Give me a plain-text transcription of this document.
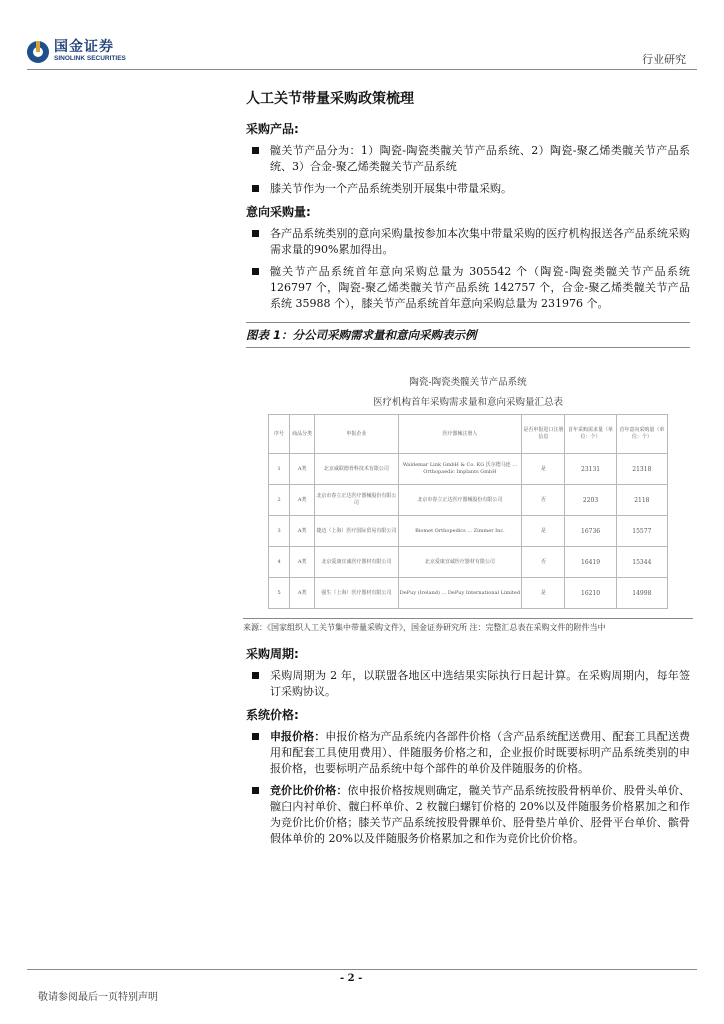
国金证券
SINOLINK SECURITIES	行业研究
人工关节带量采购政策梳理
采购产品:
髋关节产品分为：1）陶瓷-陶瓷类髋关节产品系统、2）陶瓷-聚乙烯类髋关节产品系统、3）合金-聚乙烯类髋关节产品系统
膝关节作为一个产品系统类别开展集中带量采购。
意向采购量:
各产品系统类别的意向采购量按参加本次集中带量采购的医疗机构报送各产品系统采购需求量的90%累加得出。
髋关节产品系统首年意向采购总量为 305542 个（陶瓷-陶瓷类髋关节产品系统 126797 个，陶瓷-聚乙烯类髋关节产品系统 142757 个，合金-聚乙烯类髋关节产品系统 35988 个），膝关节产品系统首年意向采购总量为 231976 个。
图表 1：分公司采购需求量和意向采购表示例
陶瓷-陶瓷类髋关节产品系统
医疗机构首年采购需求量和意向采购量汇总表
序号	商品分类	申报企业	医疗器械注册人	是否申报进口注册信息	首年采购需求量（单位：个）	首年意向采购量（单位：个）
1	A类	北京威联德骨科技术有限公司	Waldemar Link GmbH & Co. KG 沃尔德马连 ... Orthopaedic Implants GmbH	是	23131	21318
2	A类	北京市春立正达医疗器械股份有限公司	北京市春立正达医疗器械股份有限公司	否	2203	2118
3	A类	捷迈（上海）医疗国际贸易有限公司	Biomet Orthopedics ... Zimmer Inc.	是	16736	15577
4	A类	北京爱康宜诚医疗器材有限公司	北京爱康宜诚医疗器材有限公司	否	16419	15344
5	A类	强生（上海）医疗器材有限公司	DePuy (Ireland) ... DePuy International Limited	是	16210	14998
来源：《国家组织人工关节集中带量采购文件》，国金证券研究所 注：完整汇总表在采购文件的附件当中
采购周期:
采购周期为 2 年，以联盟各地区中选结果实际执行日起计算。在采购周期内，每年签订采购协议。
系统价格:
申报价格：申报价格为产品系统内各部件价格（含产品系统配送费用、配套工具配送费用和配套工具使用费用）、伴随服务价格之和，企业报价时既要标明产品系统类别的申报价格，也要标明产品系统中每个部件的单价及伴随服务的价格。
竞价比价价格：依申报价格按规则确定，髋关节产品系统按股骨柄单价、股骨头单价、髋臼内衬单价、髋臼杯单价、2 枚髋臼螺钉价格的 20%以及伴随服务价格累加之和作为竞价比价价格；膝关节产品系统按股骨髁单价、胫骨垫片单价、胫骨平台单价、髌骨假体单价的 20%以及伴随服务价格累加之和作为竞价比价价格。
- 2 -
敬请参阅最后一页特别声明
